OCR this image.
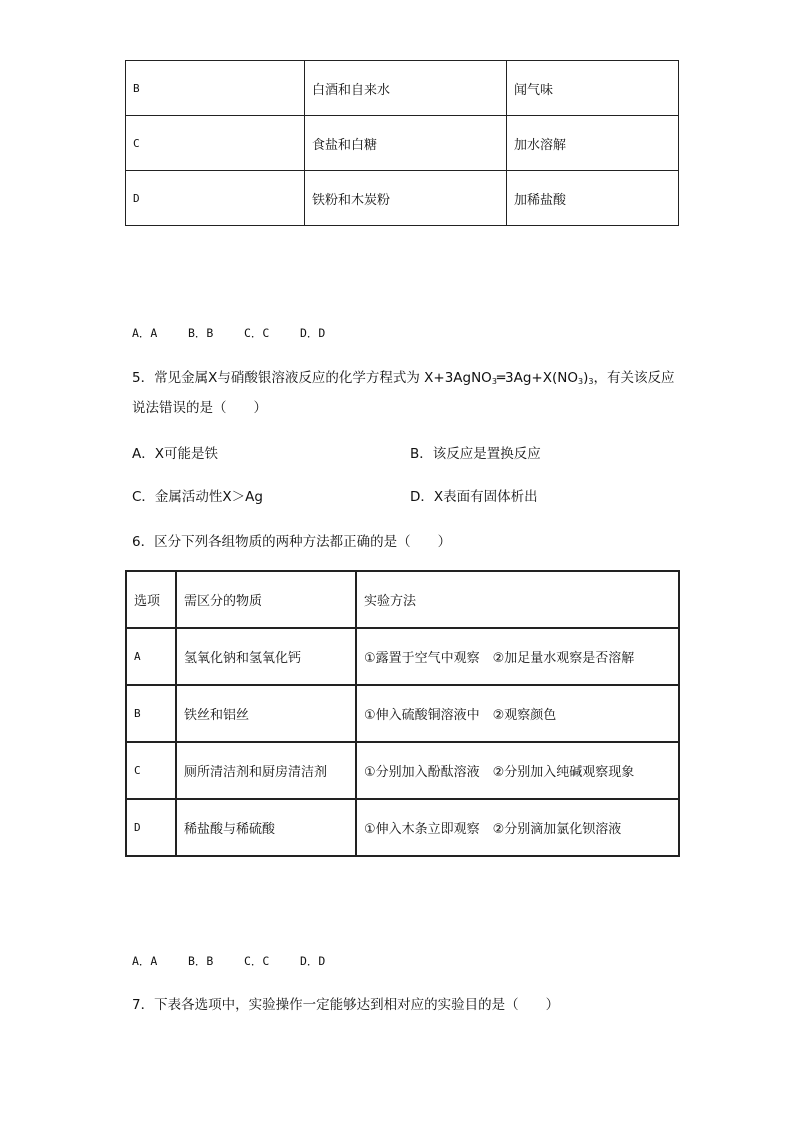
B	白酒和自来水	闻气味
C	食盐和白糖	加水溶解
D	铁粉和木炭粉	加稀盐酸
A．A	B．B	C．C	D．D
5．常见金属X与硝酸银溶液反应的化学方程式为 $X+3AgNO_3═3Ag+X(NO_3)_3$，有关该反应
说法错误的是（　　）
A．X可能是铁	B．该反应是置换反应
C．金属活动性X＞Ag	D．X表面有固体析出
6．区分下列各组物质的两种方法都正确的是（　　）
选项	需区分的物质	实验方法
A	氢氧化钠和氢氧化钙	①露置于空气中观察　②加足量水观察是否溶解
B	铁丝和铝丝	①伸入硫酸铜溶液中　②观察颜色
C	厕所清洁剂和厨房清洁剂	①分别加入酚酞溶液　②分别加入纯碱观察现象
D	稀盐酸与稀硫酸	①伸入木条立即观察　②分别滴加氯化钡溶液
A．A	B．B	C．C	D．D
7．下表各选项中，实验操作一定能够达到相对应的实验目的是（　　）
